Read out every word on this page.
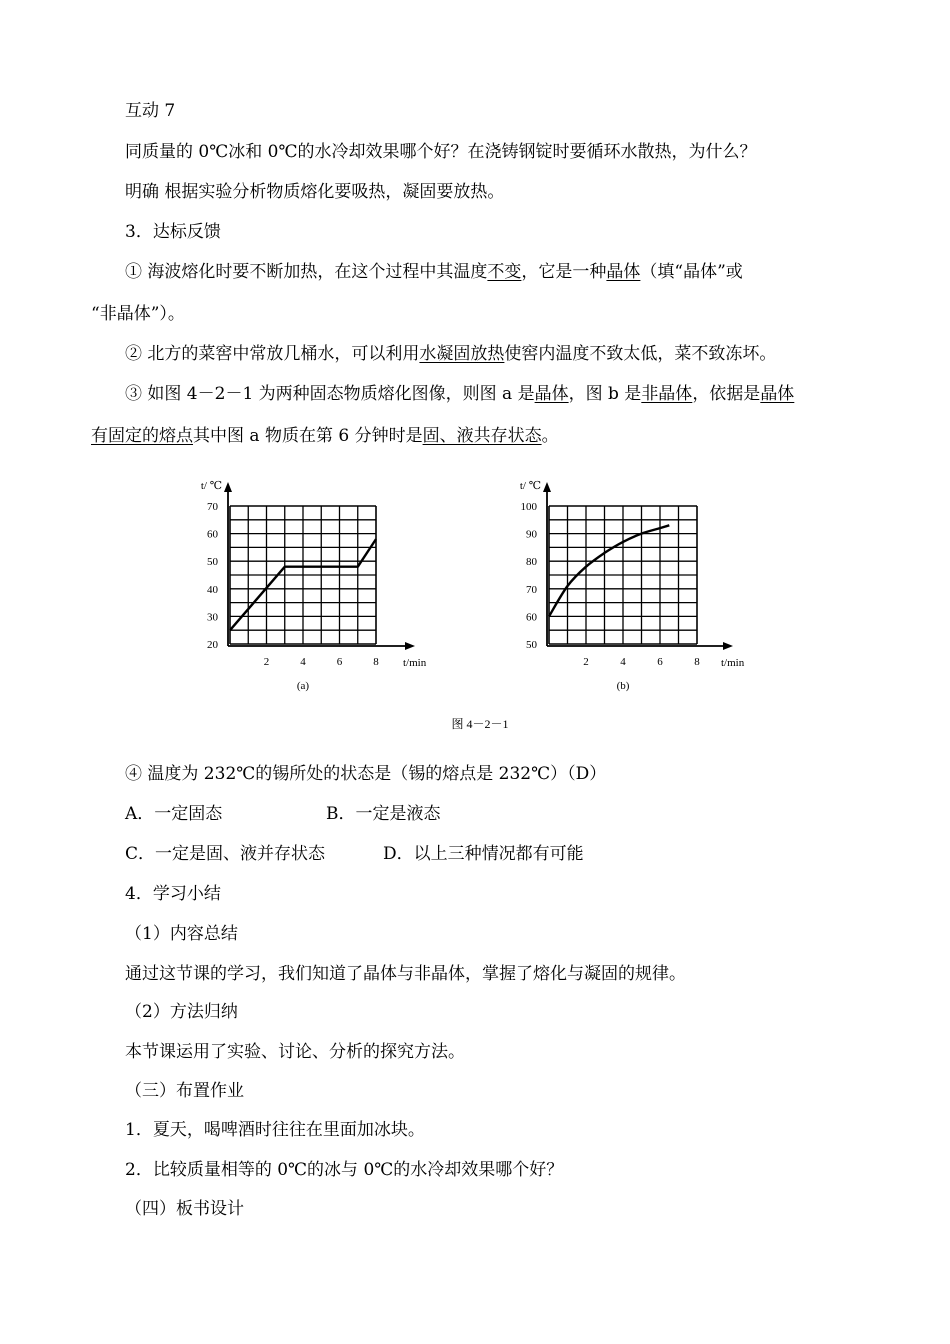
互动 7
同质量的 0℃冰和 0℃的水冷却效果哪个好？在浇铸钢锭时要循环水散热，为什么？
明确 根据实验分析物质熔化要吸热，凝固要放热。
3．达标反馈
① 海波熔化时要不断加热，在这个过程中其温度不变，它是一种晶体（填“晶体”或
“非晶体”）。
② 北方的菜窖中常放几桶水，可以利用水凝固放热使窖内温度不致太低，菜不致冻坏。
③ 如图 4－2－1 为两种固态物质熔化图像，则图 a 是晶体，图 b 是非晶体，依据是晶体
有固定的熔点其中图 a 物质在第 6 分钟时是固、液共存状态。
2	4	6	8
20
30
40
50
60
70
t/ ℃
t/min
(a)
2	4	6	8
50
60
70
80
90
100
t/ ℃
t/min
(b)
图 4－2－1
④ 温度为 232℃的锡所处的状态是（锡的熔点是 232℃）（D）
A．一定固态	B．一定是液态
C．一定是固、液并存状态	D．以上三种情况都有可能
4．学习小结
（1）内容总结
通过这节课的学习，我们知道了晶体与非晶体，掌握了熔化与凝固的规律。
（2）方法归纳
本节课运用了实验、讨论、分析的探究方法。
（三）布置作业
1．夏天，喝啤酒时往往在里面加冰块。
2．比较质量相等的 0℃的冰与 0℃的水冷却效果哪个好？
（四）板书设计
